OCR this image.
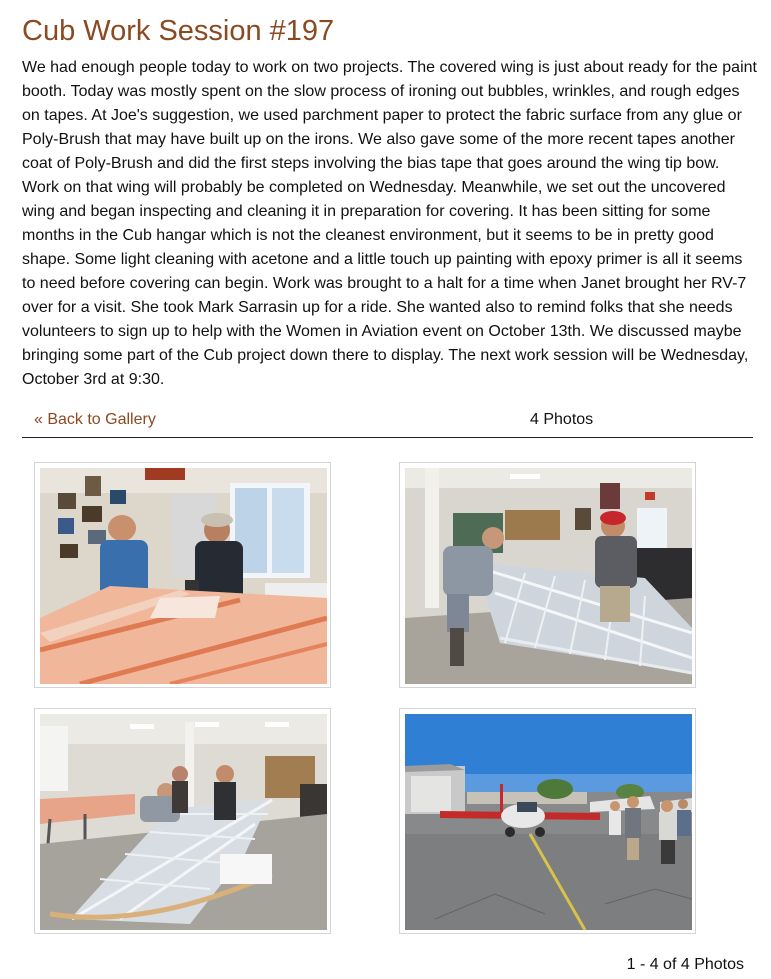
Cub Work Session #197

We had enough people today to work on two projects. The covered wing is just about ready for the paint booth. Today was mostly spent on the slow process of ironing out bubbles, wrinkles, and rough edges on tapes. At Joe's suggestion, we used parchment paper to protect the fabric surface from any glue or Poly-Brush that may have built up on the irons. We also gave some of the more recent tapes another coat of Poly-Brush and did the first steps involving the bias tape that goes around the wing tip bow. Work on that wing will probably be completed on Wednesday. Meanwhile, we set out the uncovered wing and began inspecting and cleaning it in preparation for covering. It has been sitting for some months in the Cub hangar which is not the cleanest environment, but it seems to be in pretty good shape. Some light cleaning with acetone and a little touch up painting with epoxy primer is all it seems to need before covering can begin. Work was brought to a halt for a time when Janet brought her RV-7 over for a visit. She took Mark Sarrasin up for a ride. She wanted also to remind folks that she needs volunteers to sign up to help with the Women in Aviation event on October 13th. We discussed maybe bringing some part of the Cub project down there to display. The next work session will be Wednesday, October 3rd at 9:30.

« Back to Gallery	4 Photos
1 - 4 of 4 Photos
